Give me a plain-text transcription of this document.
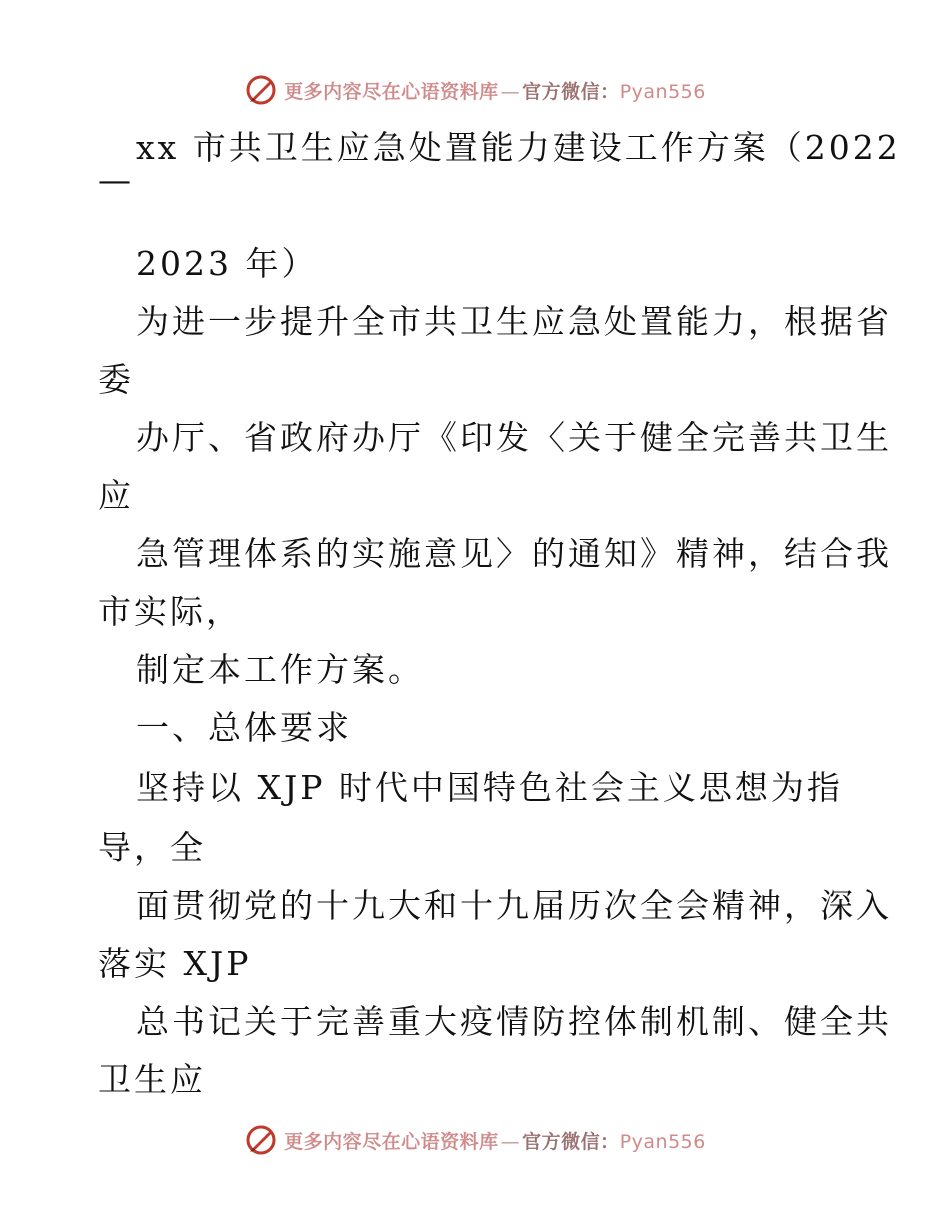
更多内容尽在心语资料库 — 官方微信：Pyan556
xx 市共卫生应急处置能力建设工作方案（2022
—
2023 年）
为进一步提升全市共卫生应急处置能力，根据省
委
办厅、省政府办厅《印发〈关于健全完善共卫生
应
急管理体系的实施意见〉的通知》精神，结合我
市实际，
制定本工作方案。
一、总体要求
坚持以 XJP 时代中国特色社会主义思想为指
导，全
面贯彻党的十九大和十九届历次全会精神，深入
落实 XJP
总书记关于完善重大疫情防控体制机制、健全共
卫生应
更多内容尽在心语资料库 — 官方微信：Pyan556
